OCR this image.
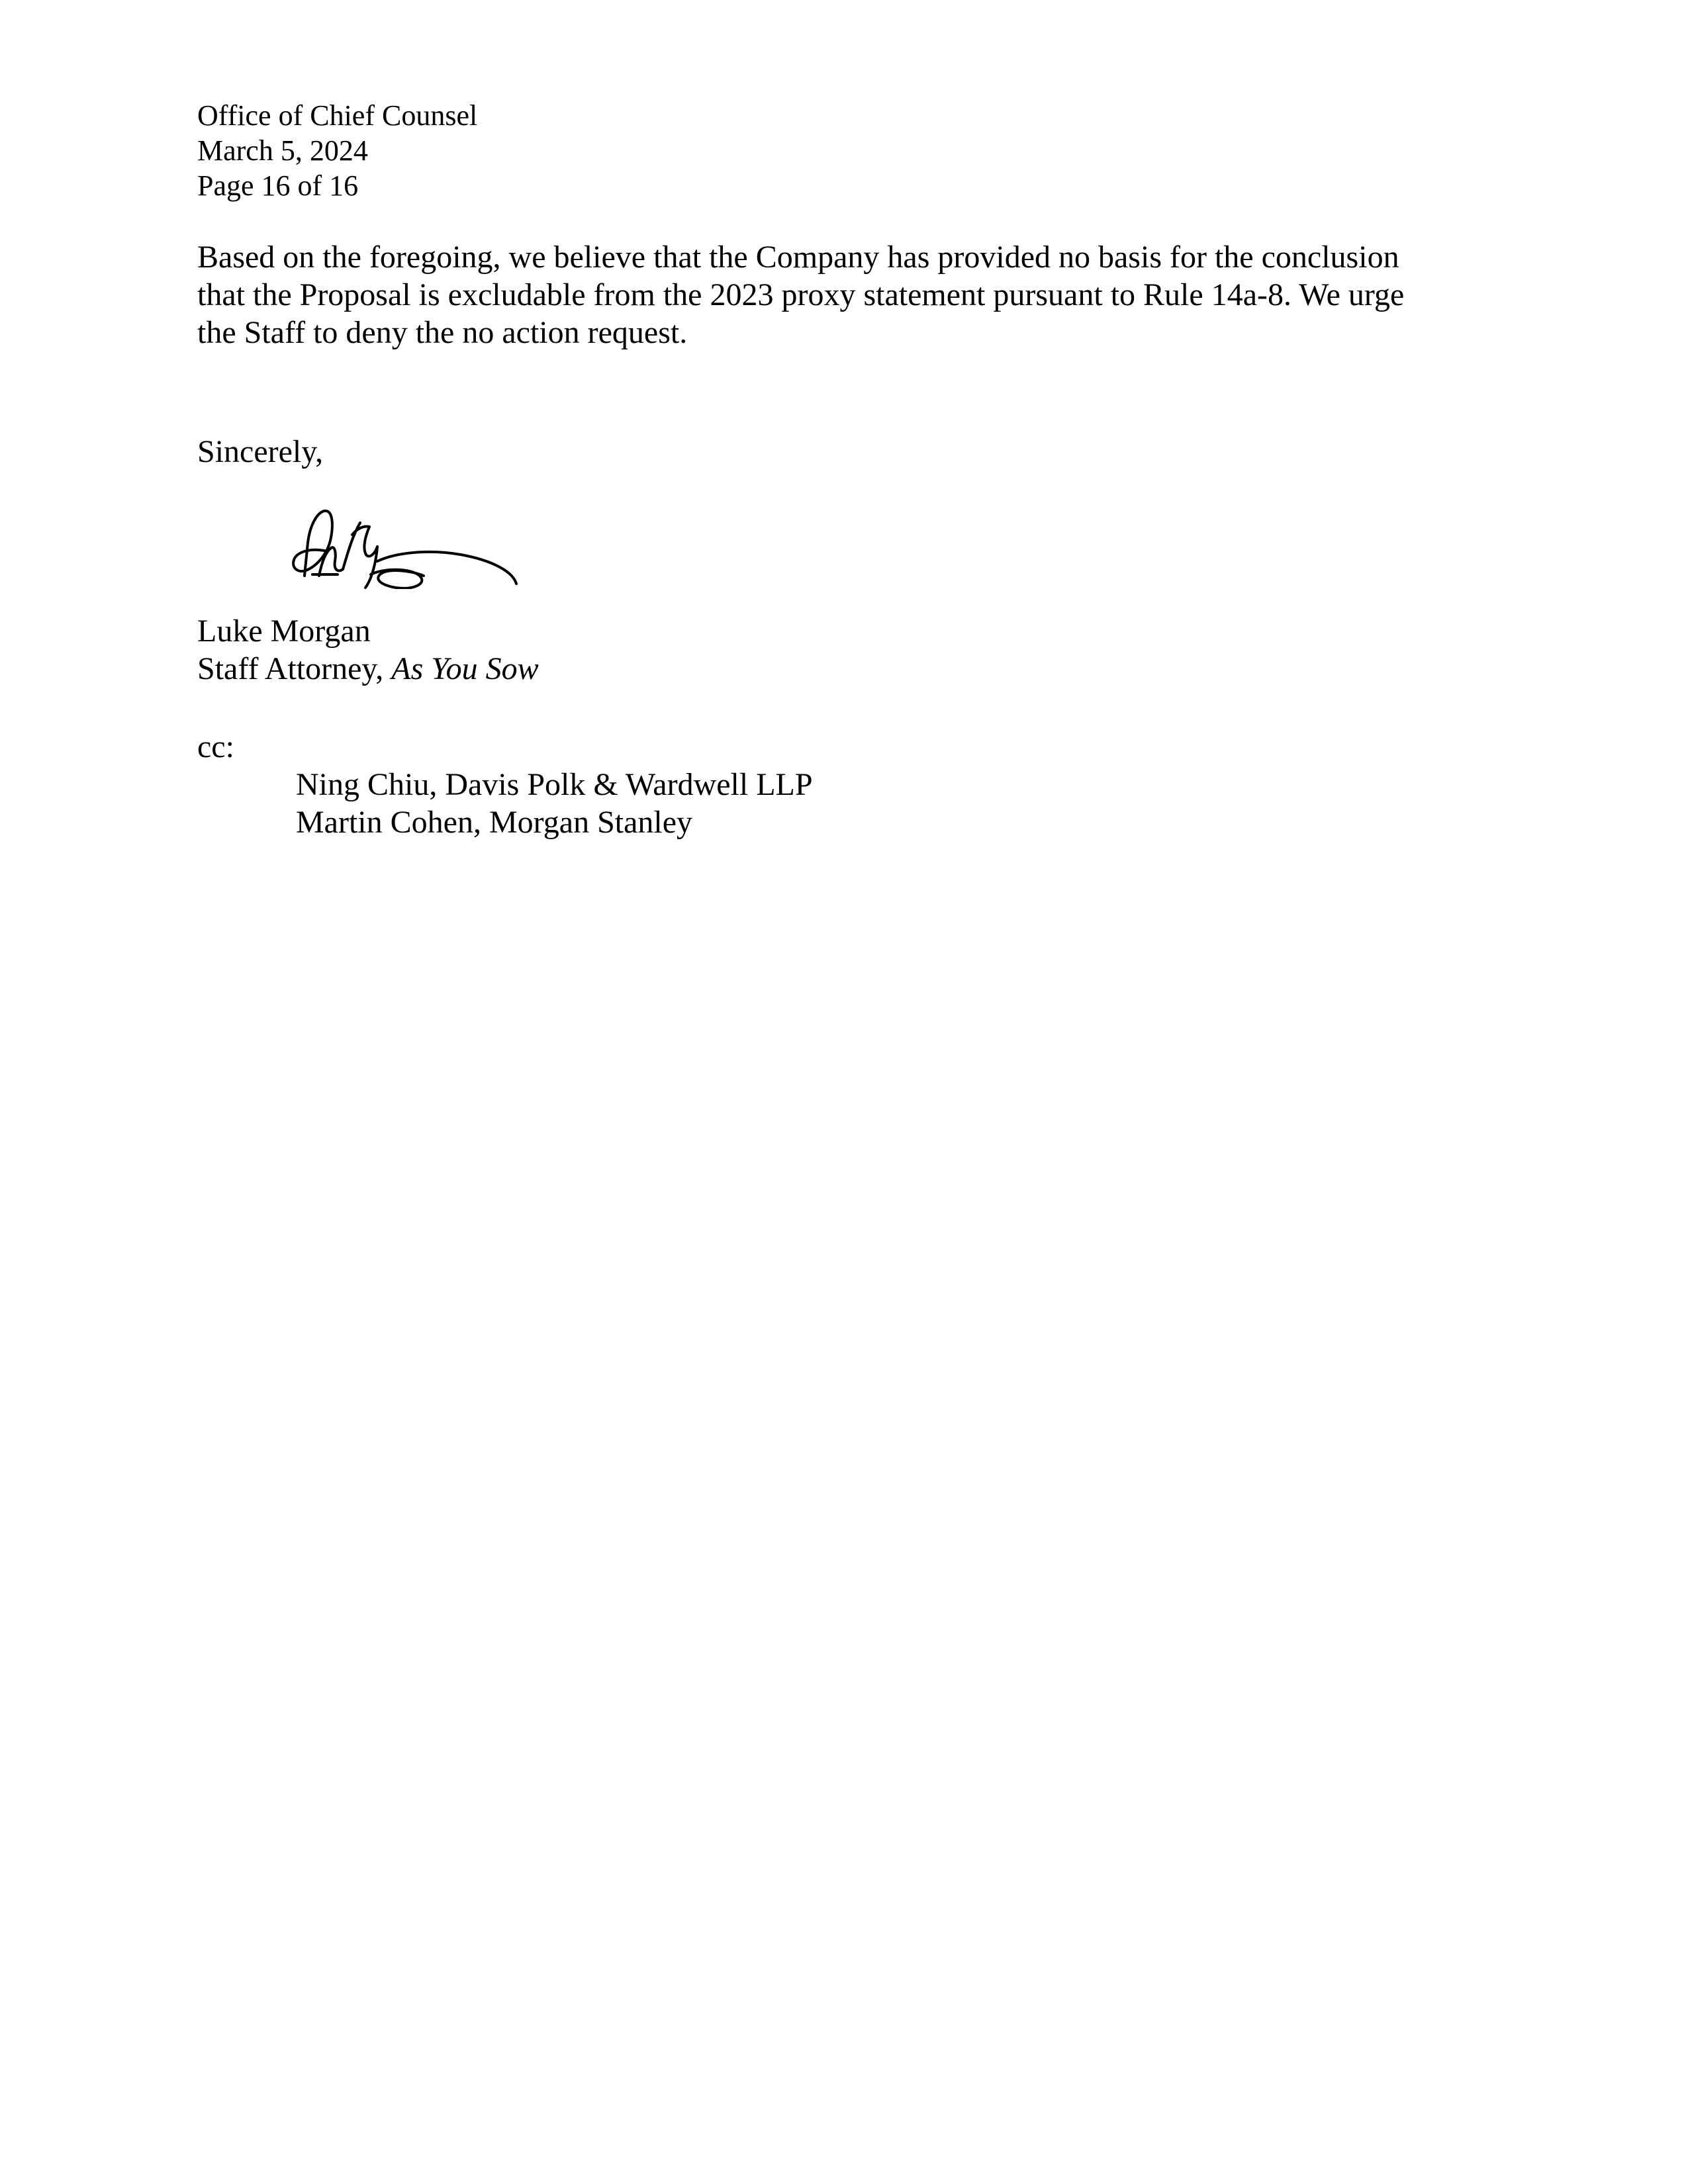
Office of Chief Counsel
March 5, 2024
Page 16 of 16
Based on the foregoing, we believe that the Company has provided no basis for the conclusion
that the Proposal is excludable from the 2023 proxy statement pursuant to Rule 14a-8. We urge
the Staff to deny the no action request.
Sincerely,
Luke Morgan
Staff Attorney, As You Sow
cc:
Ning Chiu, Davis Polk & Wardwell LLP
Martin Cohen, Morgan Stanley
